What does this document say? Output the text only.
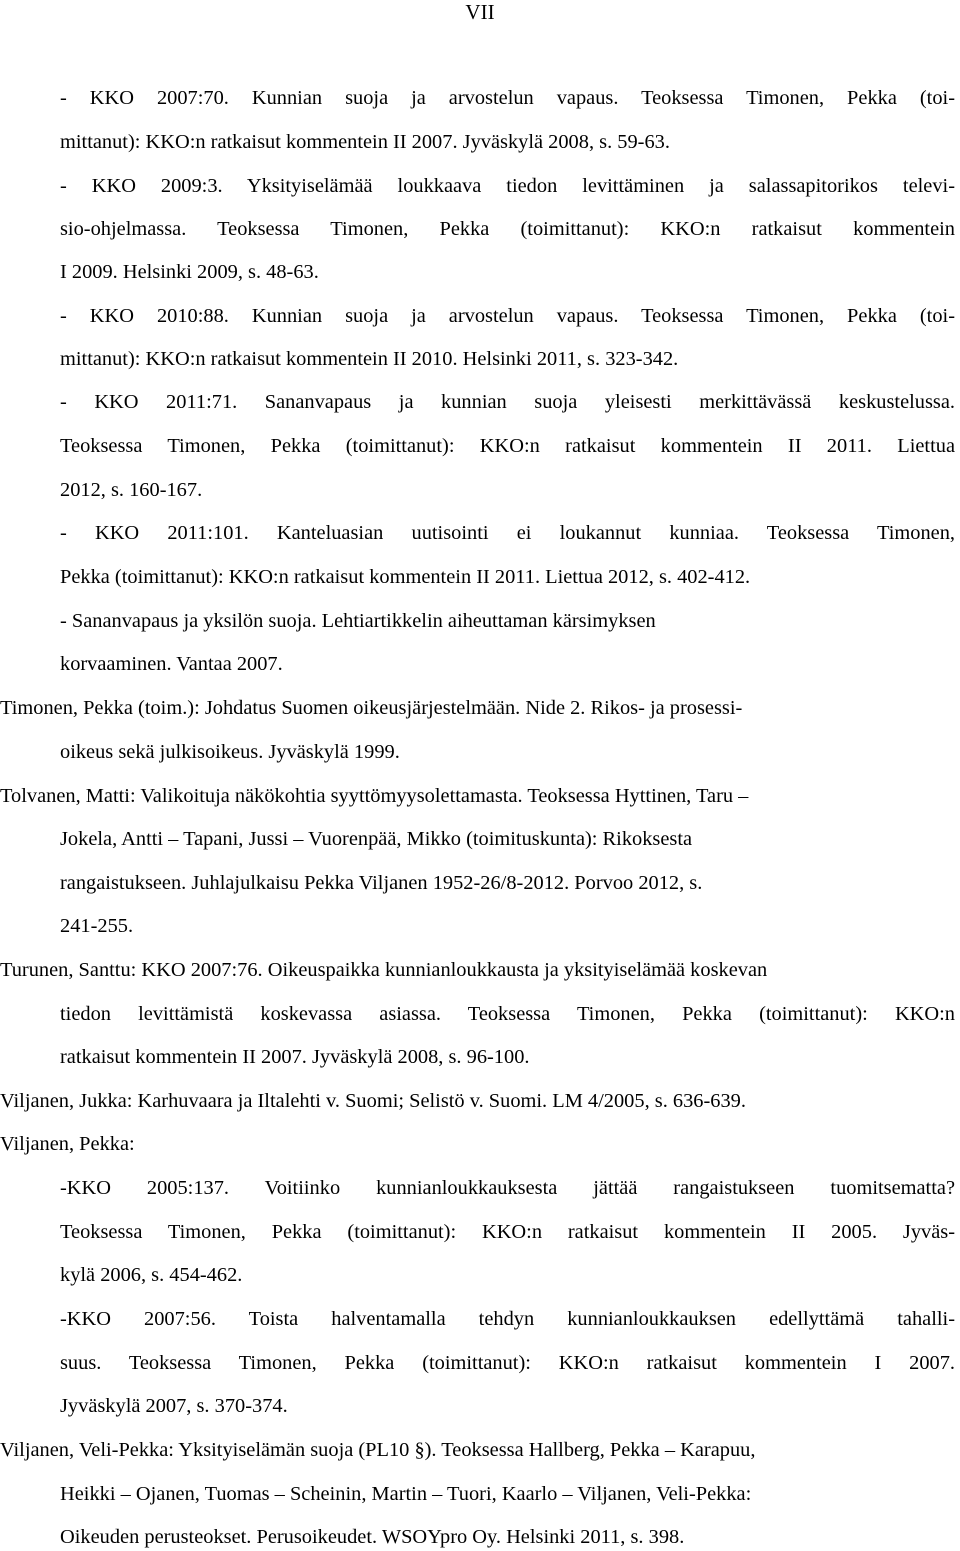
VII
- KKO 2007:70. Kunnian suoja ja arvostelun vapaus. Teoksessa Timonen, Pekka (toi-
mittanut): KKO:n ratkaisut kommentein II 2007. Jyväskylä 2008, s. 59-63.
- KKO 2009:3. Yksityiselämää loukkaava tiedon levittäminen ja salassapitorikos televi-
sio-ohjelmassa. Teoksessa Timonen, Pekka (toimittanut): KKO:n ratkaisut kommentein
I 2009. Helsinki 2009, s. 48-63.
- KKO 2010:88. Kunnian suoja ja arvostelun vapaus. Teoksessa Timonen, Pekka (toi-
mittanut): KKO:n ratkaisut kommentein II 2010. Helsinki 2011, s. 323-342.
- KKO 2011:71. Sananvapaus ja kunnian suoja yleisesti merkittävässä keskustelussa.
Teoksessa Timonen, Pekka (toimittanut): KKO:n ratkaisut kommentein II 2011. Liettua
2012, s. 160-167.
- KKO 2011:101. Kanteluasian uutisointi ei loukannut kunniaa. Teoksessa Timonen,
Pekka (toimittanut): KKO:n ratkaisut kommentein II 2011. Liettua 2012, s. 402-412.
- Sananvapaus ja yksilön suoja. Lehtiartikkelin aiheuttaman kärsimyksen
korvaaminen. Vantaa 2007.
Timonen, Pekka (toim.): Johdatus Suomen oikeusjärjestelmään. Nide 2. Rikos- ja prosessi-
oikeus sekä julkisoikeus. Jyväskylä 1999.
Tolvanen, Matti: Valikoituja näkökohtia syyttömyysolettamasta. Teoksessa Hyttinen, Taru –
Jokela, Antti – Tapani, Jussi – Vuorenpää, Mikko (toimituskunta): Rikoksesta
rangaistukseen. Juhlajulkaisu Pekka Viljanen 1952-26/8-2012. Porvoo 2012, s.
241-255.
Turunen, Santtu: KKO 2007:76. Oikeuspaikka kunnianloukkausta ja yksityiselämää koskevan
tiedon levittämistä koskevassa asiassa. Teoksessa Timonen, Pekka (toimittanut): KKO:n
ratkaisut kommentein II 2007. Jyväskylä 2008, s. 96-100.
Viljanen, Jukka: Karhuvaara ja Iltalehti v. Suomi; Selistö v. Suomi. LM 4/2005, s. 636-639.
Viljanen, Pekka:
-KKO 2005:137. Voitiinko kunnianloukkauksesta jättää rangaistukseen tuomitsematta?
Teoksessa Timonen, Pekka (toimittanut): KKO:n ratkaisut kommentein II 2005. Jyväs-
kylä 2006, s. 454-462.
-KKO 2007:56. Toista halventamalla tehdyn kunnianloukkauksen edellyttämä tahalli-
suus. Teoksessa Timonen, Pekka (toimittanut): KKO:n ratkaisut kommentein I 2007.
Jyväskylä 2007, s. 370-374.
Viljanen, Veli-Pekka: Yksityiselämän suoja (PL10 §). Teoksessa Hallberg, Pekka – Karapuu,
Heikki – Ojanen, Tuomas – Scheinin, Martin – Tuori, Kaarlo – Viljanen, Veli-Pekka:
Oikeuden perusteokset. Perusoikeudet. WSOYpro Oy. Helsinki 2011, s. 398.
